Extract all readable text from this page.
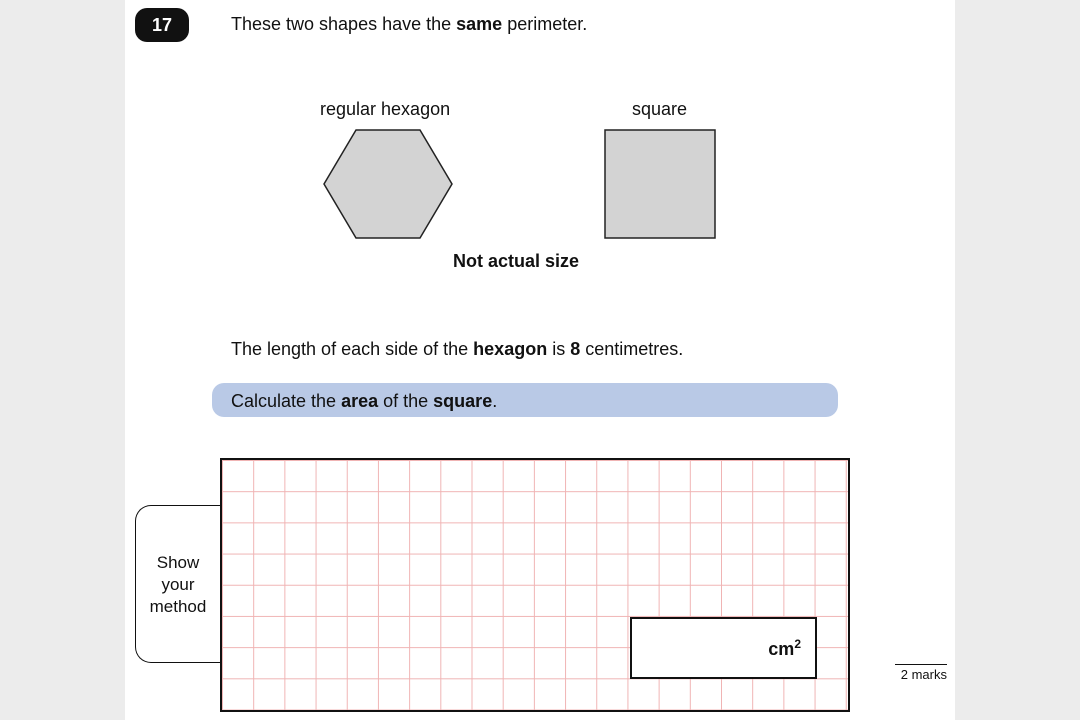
17	These two shapes have the same perimeter.
regular hexagon	square
Not actual size
The length of each side of the hexagon is 8 centimetres.
Calculate the area of the square.
Show
your
method
$cm^2$
2 marks
